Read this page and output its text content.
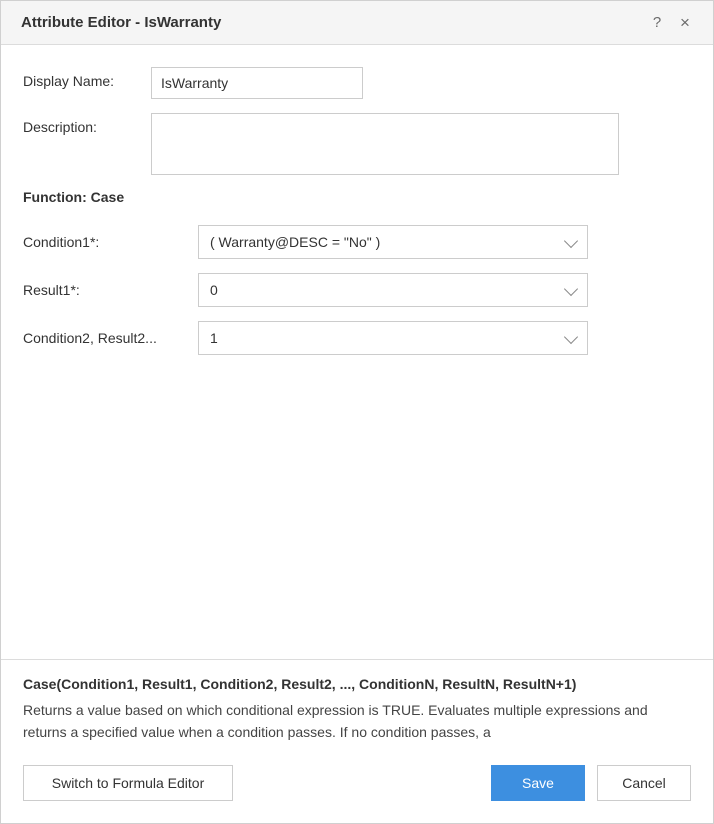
Attribute Editor - IsWarranty	?	×
Display Name:
IsWarranty
Description:
Function: Case
Condition1*:	( Warranty@DESC = "No" )
Result1*:	0
Condition2, Result2...	1
Case(Condition1, Result1, Condition2, Result2, ..., ConditionN, ResultN, ResultN+1)
Returns a value based on which conditional expression is TRUE. Evaluates multiple expressions and returns a specified value when a condition passes. If no condition passes, a
Switch to Formula Editor	Save	Cancel
